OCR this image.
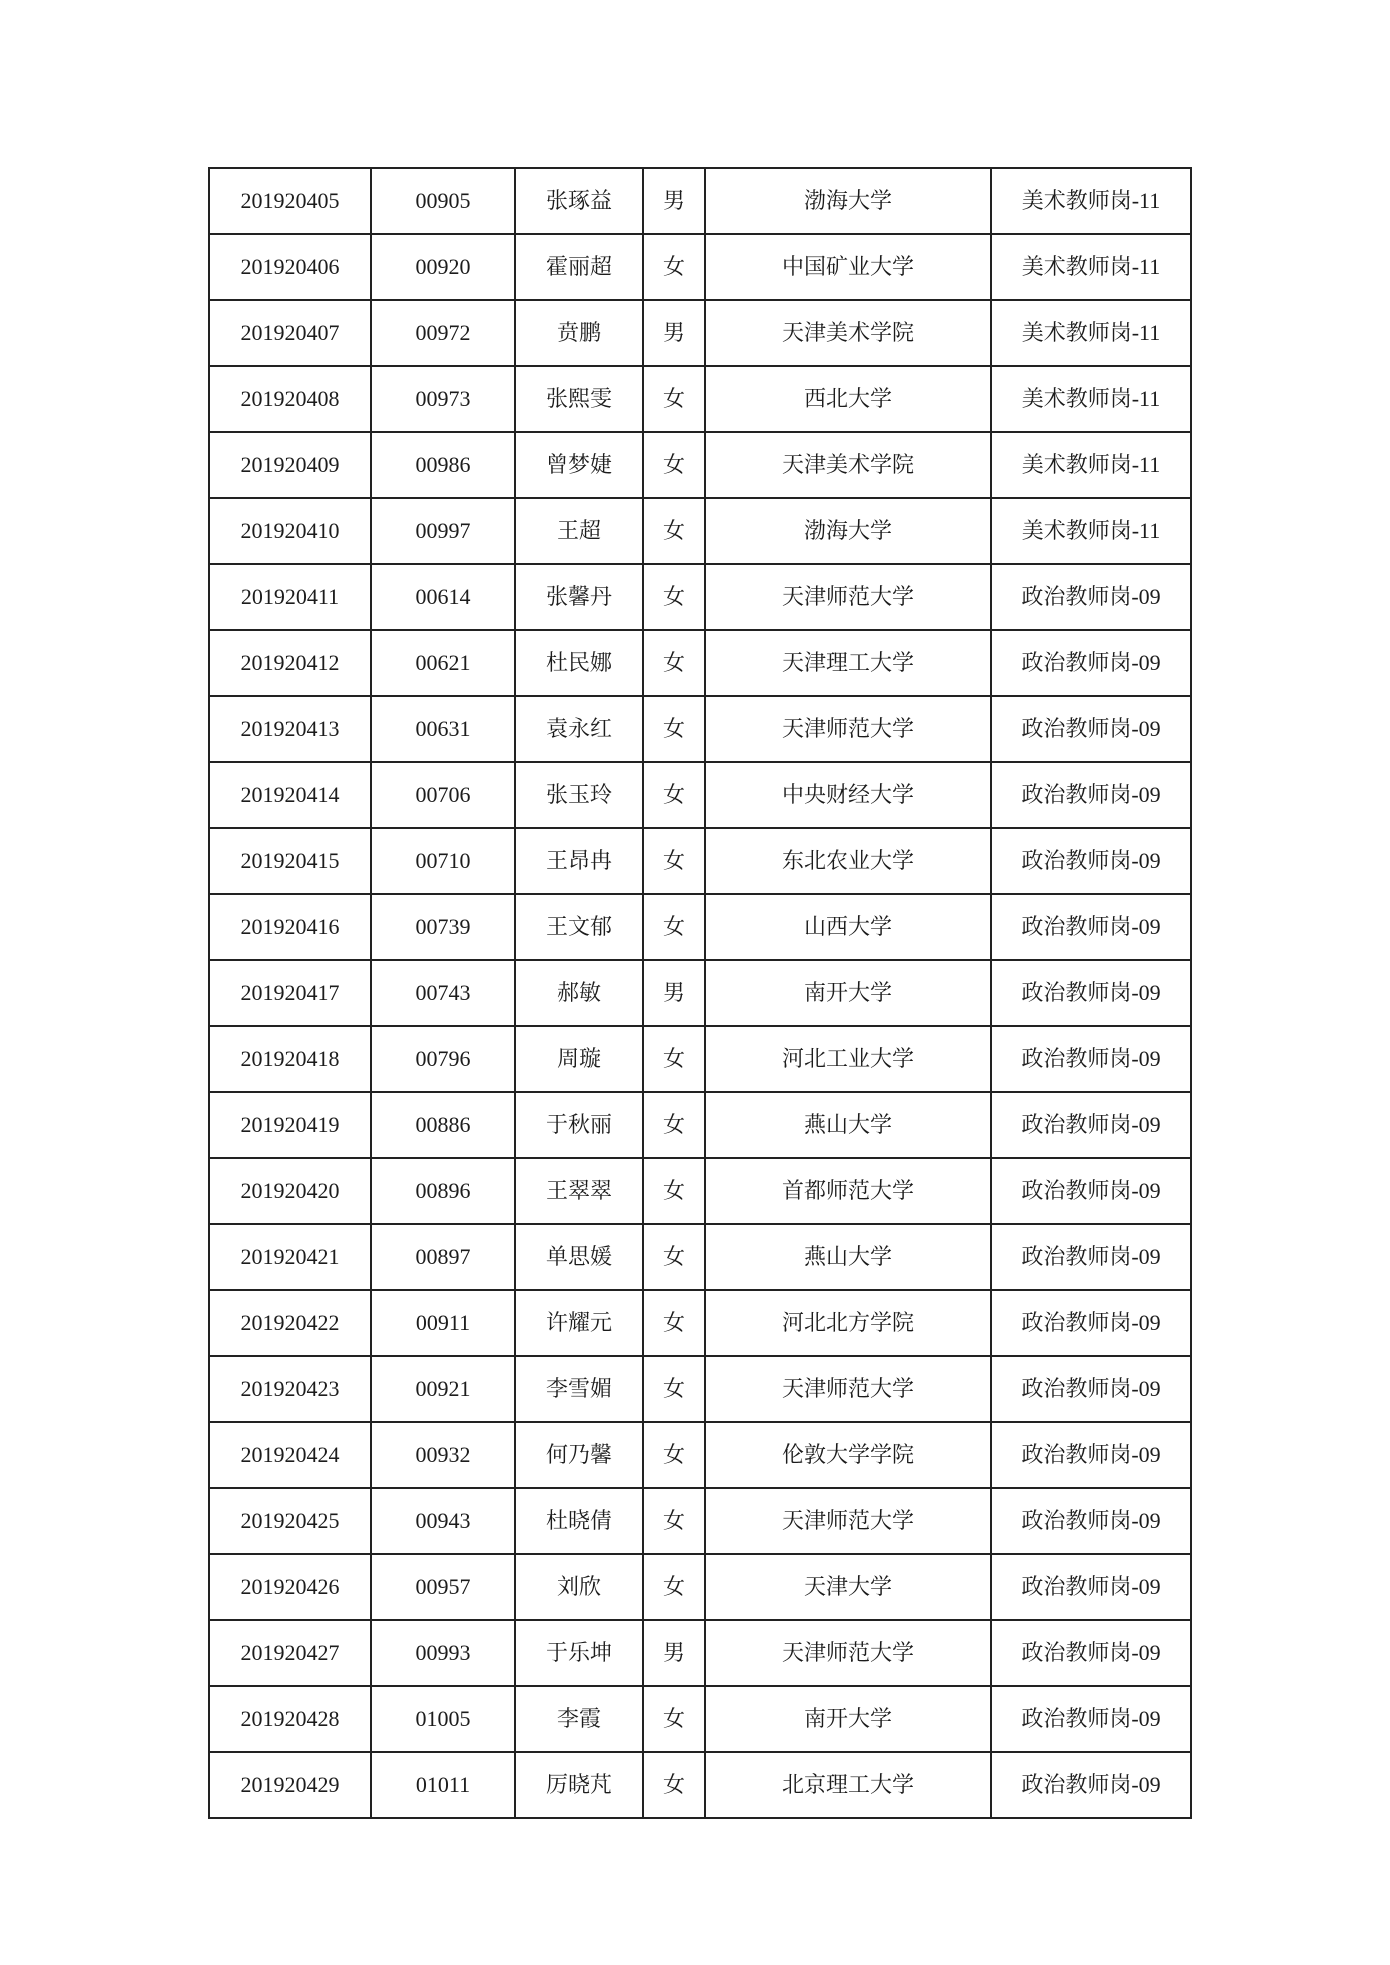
201920405	00905	张琢益	男	渤海大学	美术教师岗-11
201920406	00920	霍丽超	女	中国矿业大学	美术教师岗-11
201920407	00972	贲鹏	男	天津美术学院	美术教师岗-11
201920408	00973	张熙雯	女	西北大学	美术教师岗-11
201920409	00986	曾梦婕	女	天津美术学院	美术教师岗-11
201920410	00997	王超	女	渤海大学	美术教师岗-11
201920411	00614	张馨丹	女	天津师范大学	政治教师岗-09
201920412	00621	杜民娜	女	天津理工大学	政治教师岗-09
201920413	00631	袁永红	女	天津师范大学	政治教师岗-09
201920414	00706	张玉玲	女	中央财经大学	政治教师岗-09
201920415	00710	王昂冉	女	东北农业大学	政治教师岗-09
201920416	00739	王文郁	女	山西大学	政治教师岗-09
201920417	00743	郝敏	男	南开大学	政治教师岗-09
201920418	00796	周璇	女	河北工业大学	政治教师岗-09
201920419	00886	于秋丽	女	燕山大学	政治教师岗-09
201920420	00896	王翠翠	女	首都师范大学	政治教师岗-09
201920421	00897	单思媛	女	燕山大学	政治教师岗-09
201920422	00911	许耀元	女	河北北方学院	政治教师岗-09
201920423	00921	李雪媚	女	天津师范大学	政治教师岗-09
201920424	00932	何乃馨	女	伦敦大学学院	政治教师岗-09
201920425	00943	杜晓倩	女	天津师范大学	政治教师岗-09
201920426	00957	刘欣	女	天津大学	政治教师岗-09
201920427	00993	于乐坤	男	天津师范大学	政治教师岗-09
201920428	01005	李霞	女	南开大学	政治教师岗-09
201920429	01011	厉晓芃	女	北京理工大学	政治教师岗-09
